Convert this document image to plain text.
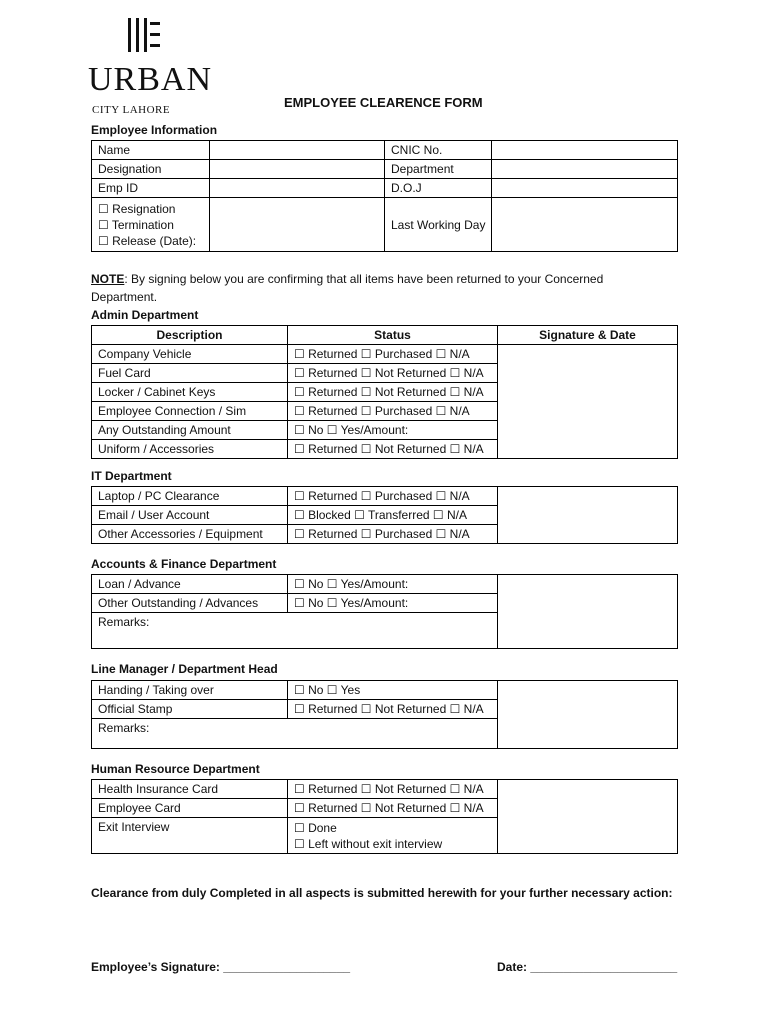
URBAN
CITY LAHORE	EMPLOYEE CLEARENCE FORM
Employee Information
Name		CNIC No.	
Designation		Department	
Emp ID		D.O.J	

☐ Resignation
☐ Termination
☐ Release (Date):		Last Working Day	
NOTE: By signing below you are confirming that all items have been returned to your Concerned Department.
Admin Department
Description	Status	Signature & Date
Company Vehicle	☐ Returned ☐ Purchased ☐ N/A	
Fuel Card	☐ Returned ☐ Not Returned ☐ N/A	
Locker / Cabinet Keys	☐ Returned ☐ Not Returned ☐ N/A	
Employee Connection / Sim	☐ Returned ☐ Purchased ☐ N/A	
Any Outstanding Amount	☐ No ☐ Yes/Amount:	
Uniform / Accessories	☐ Returned ☐ Not Returned ☐ N/A	
IT Department
Laptop / PC Clearance	☐ Returned ☐ Purchased ☐ N/A	
Email / User Account	☐ Blocked ☐ Transferred ☐ N/A	
Other Accessories / Equipment	☐ Returned ☐ Purchased ☐ N/A	
Accounts & Finance Department
Loan / Advance	☐ No ☐ Yes/Amount:	
Other Outstanding / Advances	☐ No ☐ Yes/Amount:	
Remarks:		
Line Manager / Department Head
Handing / Taking over	☐ No ☐ Yes	
Official Stamp	☐ Returned ☐ Not Returned ☐ N/A	
Remarks:		
Human Resource Department
Health Insurance Card	☐ Returned ☐ Not Returned ☐ N/A	
Employee Card	☐ Returned ☐ Not Returned ☐ N/A	
Exit Interview	☐ Done
☐ Left without exit interview	
Clearance from duly Completed in all aspects is submitted herewith for your further necessary action:
Employee’s Signature: ___________________	Date: ______________________
